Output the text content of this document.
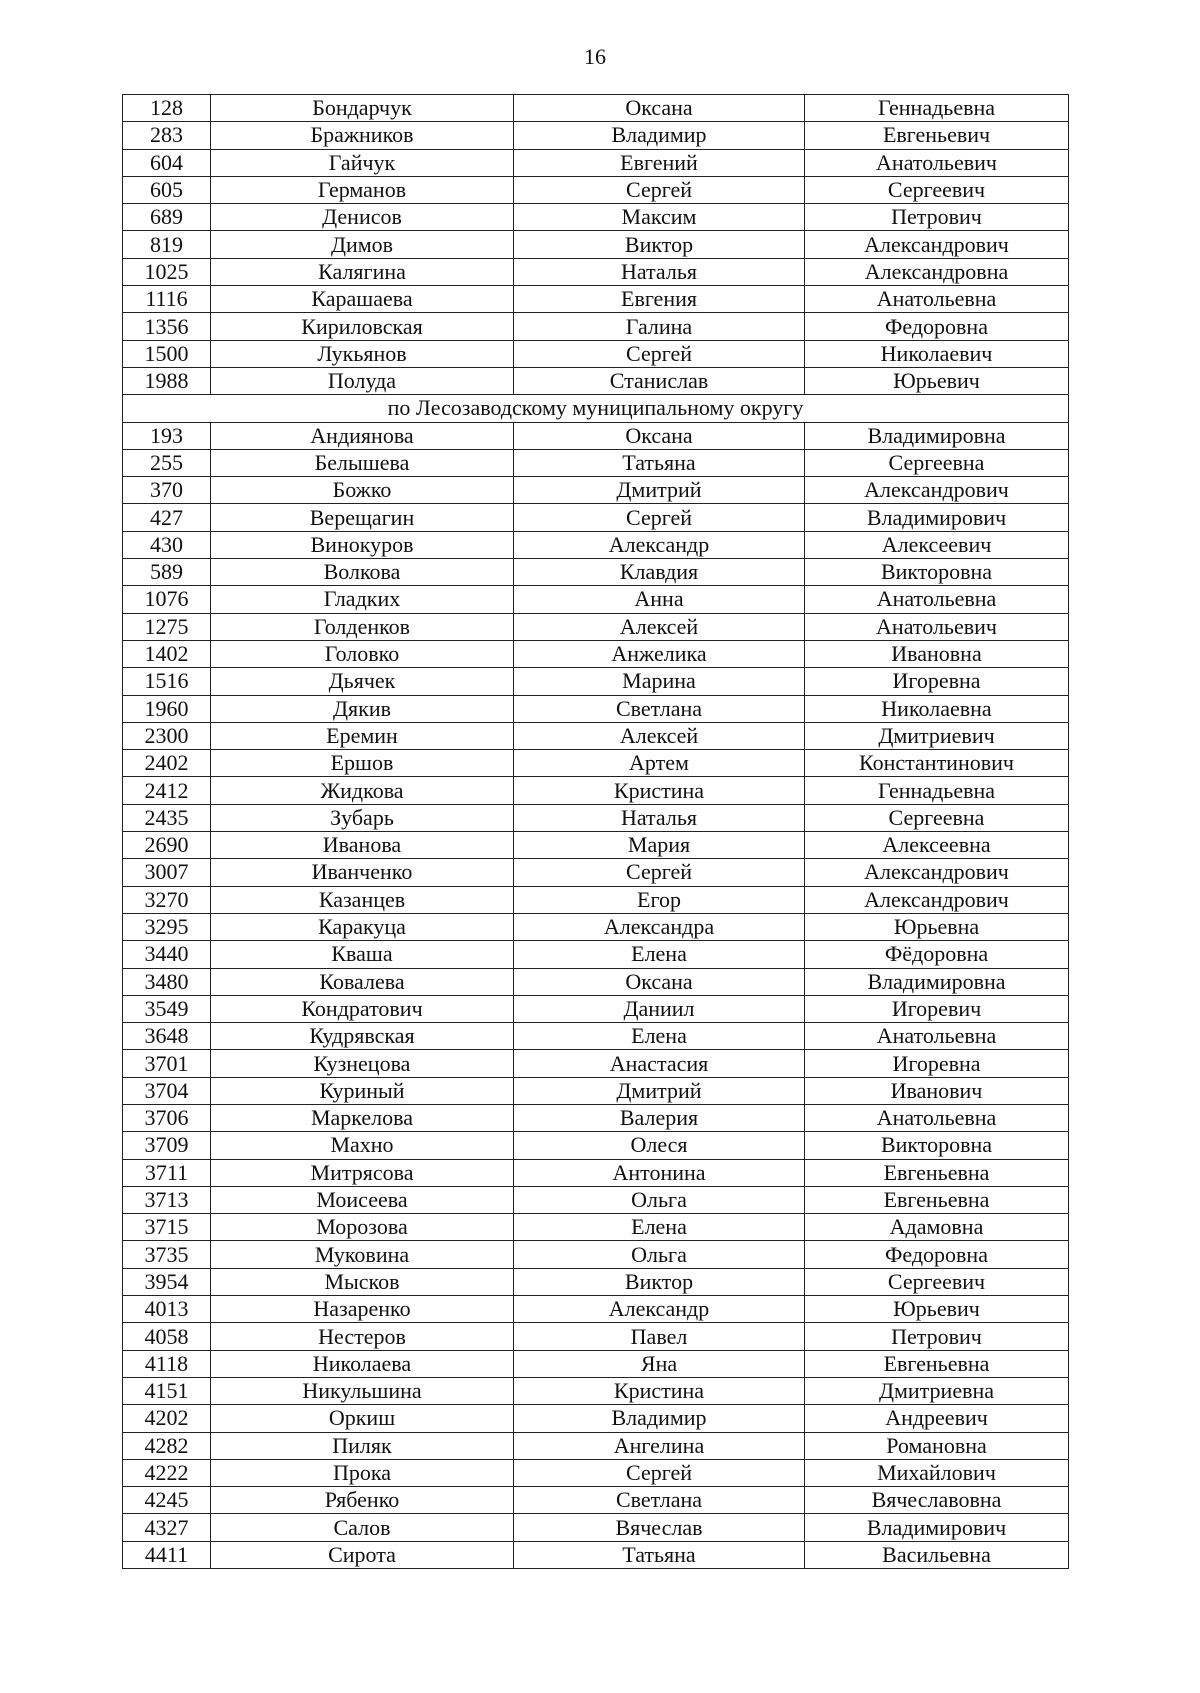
16
128	Бондарчук	Оксана	Геннадьевна
283	Бражников	Владимир	Евгеньевич
604	Гайчук	Евгений	Анатольевич
605	Германов	Сергей	Сергеевич
689	Денисов	Максим	Петрович
819	Димов	Виктор	Александрович
1025	Калягина	Наталья	Александровна
1116	Карашаева	Евгения	Анатольевна
1356	Кириловская	Галина	Федоровна
1500	Лукьянов	Сергей	Николаевич
1988	Полуда	Станислав	Юрьевич
по Лесозаводскому муниципальному округу			
193	Андиянова	Оксана	Владимировна
255	Белышева	Татьяна	Сергеевна
370	Божко	Дмитрий	Александрович
427	Верещагин	Сергей	Владимирович
430	Винокуров	Александр	Алексеевич
589	Волкова	Клавдия	Викторовна
1076	Гладких	Анна	Анатольевна
1275	Голденков	Алексей	Анатольевич
1402	Головко	Анжелика	Ивановна
1516	Дьячек	Марина	Игоревна
1960	Дякив	Светлана	Николаевна
2300	Еремин	Алексей	Дмитриевич
2402	Ершов	Артем	Константинович
2412	Жидкова	Кристина	Геннадьевна
2435	Зубарь	Наталья	Сергеевна
2690	Иванова	Мария	Алексеевна
3007	Иванченко	Сергей	Александрович
3270	Казанцев	Егор	Александрович
3295	Каракуца	Александра	Юрьевна
3440	Кваша	Елена	Фёдоровна
3480	Ковалева	Оксана	Владимировна
3549	Кондратович	Даниил	Игоревич
3648	Кудрявская	Елена	Анатольевна
3701	Кузнецова	Анастасия	Игоревна
3704	Куриный	Дмитрий	Иванович
3706	Маркелова	Валерия	Анатольевна
3709	Махно	Олеся	Викторовна
3711	Митрясова	Антонина	Евгеньевна
3713	Моисеева	Ольга	Евгеньевна
3715	Морозова	Елена	Адамовна
3735	Муковина	Ольга	Федоровна
3954	Мысков	Виктор	Сергеевич
4013	Назаренко	Александр	Юрьевич
4058	Нестеров	Павел	Петрович
4118	Николаева	Яна	Евгеньевна
4151	Никульшина	Кристина	Дмитриевна
4202	Оркиш	Владимир	Андреевич
4282	Пиляк	Ангелина	Романовна
4222	Прока	Сергей	Михайлович
4245	Рябенко	Светлана	Вячеславовна
4327	Салов	Вячеслав	Владимирович
4411	Сирота	Татьяна	Васильевна
